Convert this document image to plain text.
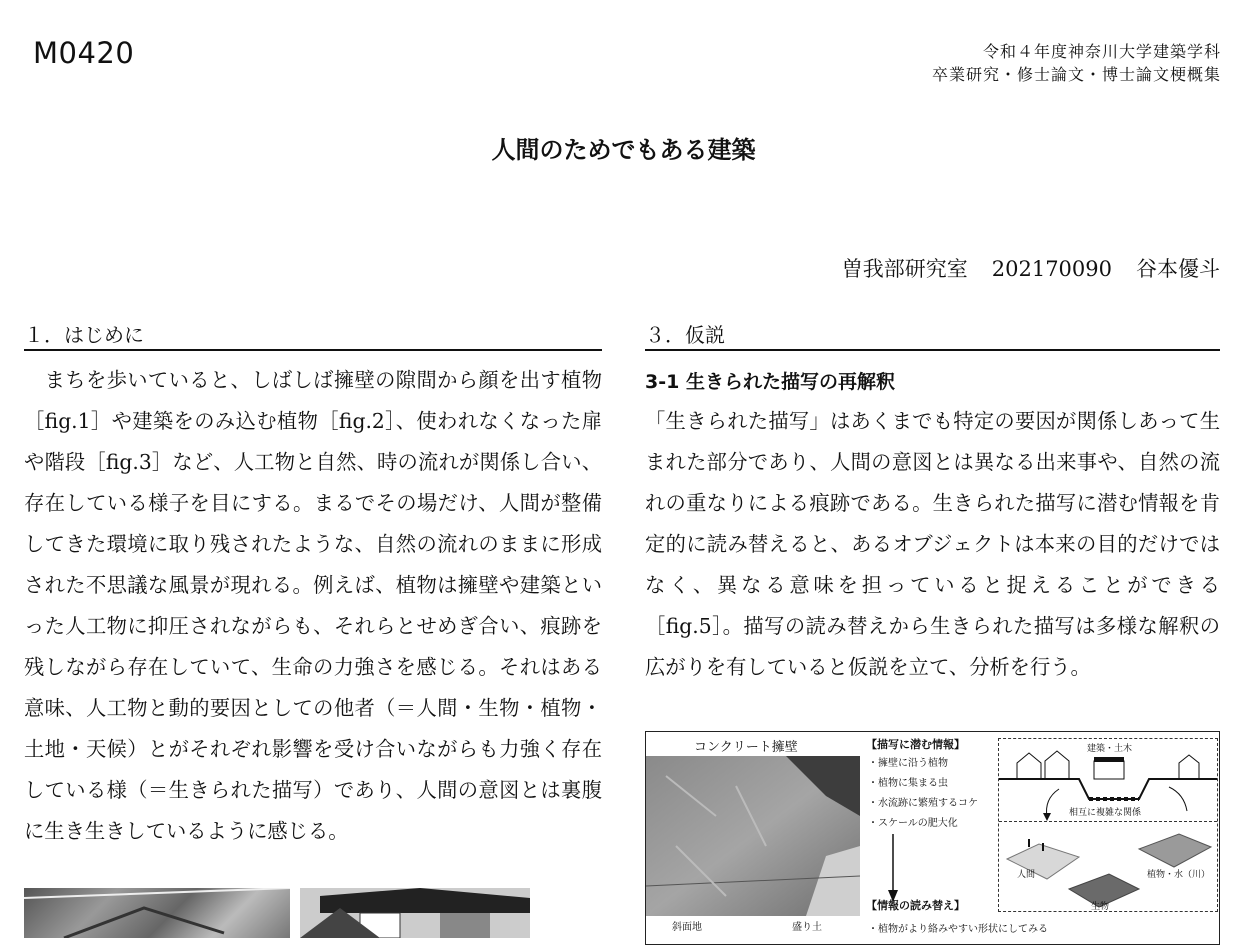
M0420	令和４年度神奈川大学建築学科
卒業研究・修士論文・博士論文梗概集
人間のためでもある建築
曽我部研究室 202170090 谷本優斗
１．はじめに

　まちを歩いていると、しばしば擁壁の隙間から顔を出す植物［fig.1］や建築をのみ込む植物［fig.2］、使われなくなった扉や階段［fig.3］など、人工物と自然、時の流れが関係し合い、存在している様子を目にする。まるでその場だけ、人間が整備してきた環境に取り残されたような、自然の流れのままに形成された不思議な風景が現れる。例えば、植物は擁壁や建築といった人工物に抑圧されながらも、それらとせめぎ合い、痕跡を残しながら存在していて、生命の力強さを感じる。それはある意味、人工物と動的要因としての他者（＝人間・生物・植物・土地・天候）とがそれぞれ影響を受け合いながらも力強く存在している様（＝生きられた描写）であり、人間の意図とは裏腹に生き生きしているように感じる。

３．仮説
3-1 生きられた描写の再解釈

「生きられた描写」はあくまでも特定の要因が関係しあって生まれた部分であり、人間の意図とは異なる出来事や、自然の流れの重なりによる痕跡である。生きられた描写に潜む情報を肯定的に読み替えると、あるオブジェクトは本来の目的だけではなく、異なる意味を担っていると捉えることができる［fig.5］。描写の読み替えから生きられた描写は多様な解釈の広がりを有していると仮説を立て、分析を行う。

コンクリート擁壁
斜面地	盛り土
【描写に潜む情報】
・擁壁に沿う植物
・植物に集まる虫
・水流跡に繁殖するコケ
・スケールの肥大化
【情報の読み替え】
・植物がより絡みやすい形状にしてみる
建築・土木
相互に複雑な関係
人間	植物・水（川）
生物
